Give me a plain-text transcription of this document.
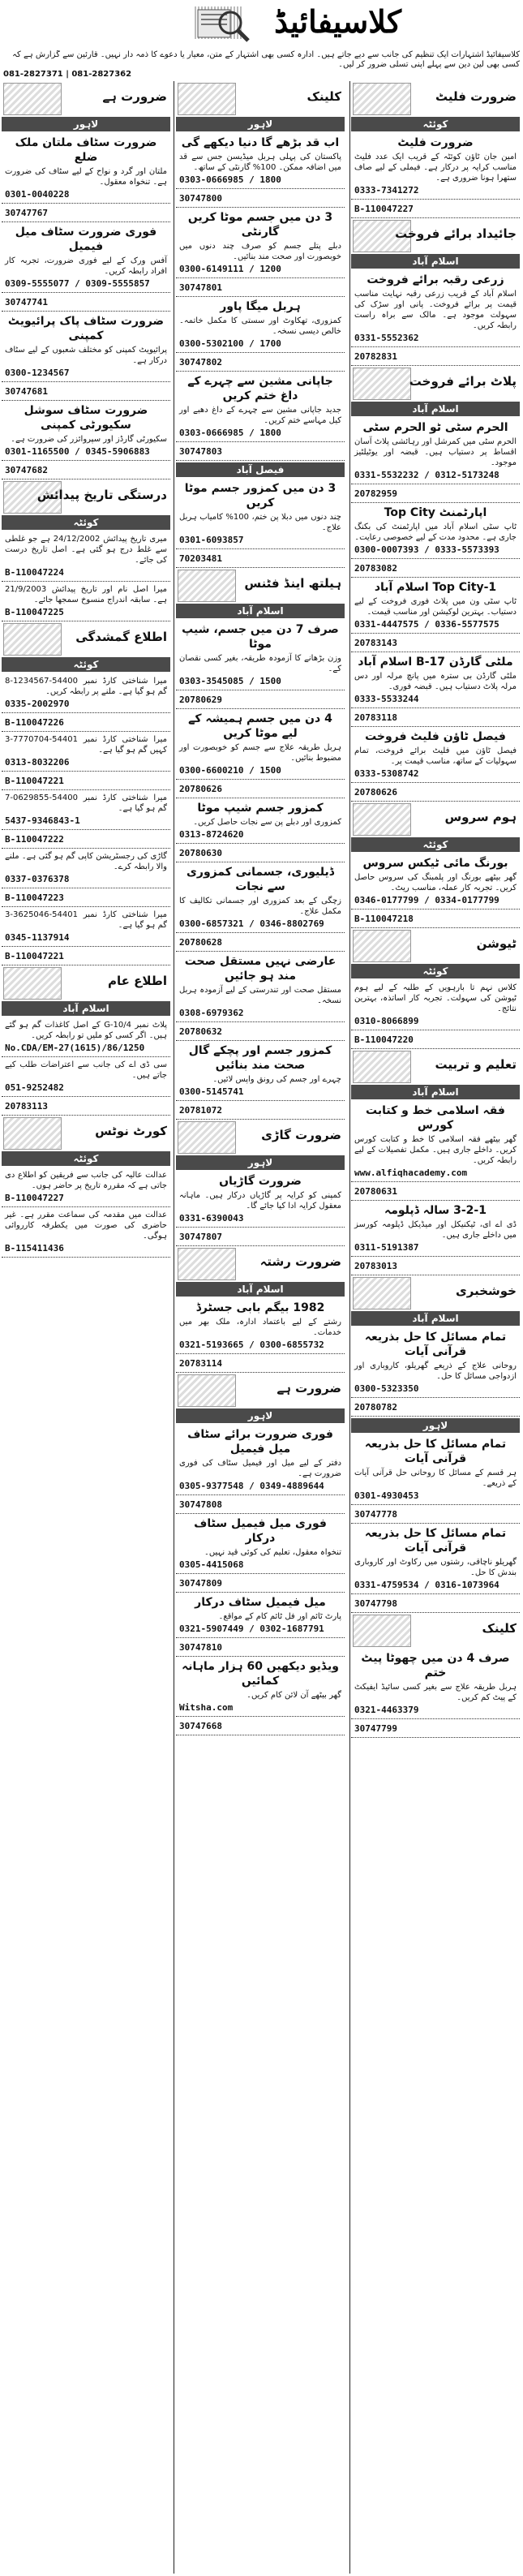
کلاسیفائیڈ
کلاسیفائیڈ اشتہارات ایک تنظیم کی جانب سے دیے جاتے ہیں۔ ادارہ کسی بھی اشتہار کے متن، معیار یا دعوے کا ذمہ دار نہیں۔ قارئین سے گزارش ہے کہ کسی بھی لین دین سے پہلے اپنی تسلی ضرور کر لیں۔
081-2827371 | 081-2827362
ضرورت فلیٹ
کوئٹہ
ضرورت فلیٹ
امین جان ٹاؤن کوئٹہ کے قریب ایک عدد فلیٹ مناسب کرایہ پر درکار ہے۔ فیملی کے لیے صاف ستھرا ہونا ضروری ہے۔
0333-7341272
B-110047227
جائیداد برائے فروخت
اسلام آباد
زرعی رقبہ برائے فروخت
اسلام آباد کے قریب زرعی رقبہ نہایت مناسب قیمت پر برائے فروخت۔ پانی اور سڑک کی سہولت موجود ہے۔ مالک سے براہ راست رابطہ کریں۔
0331-5552362
20782831
پلاٹ برائے فروخت
اسلام آباد
الحرم سٹی ٹو الحرم سٹی
الحرم سٹی میں کمرشل اور رہائشی پلاٹ آسان اقساط پر دستیاب ہیں۔ قبضہ اور یوٹیلٹیز موجود۔
0331-5532232 / 0312-5173248
20782959
اپارٹمنٹ Top City
ٹاپ سٹی اسلام آباد میں اپارٹمنٹ کی بکنگ جاری ہے۔ محدود مدت کے لیے خصوصی رعایت۔
0300-0007393 / 0333-5573393
20783082
Top City-1 اسلام آباد
ٹاپ سٹی ون میں پلاٹ فوری فروخت کے لیے دستیاب۔ بہترین لوکیشن اور مناسب قیمت۔
0331-4447575 / 0336-5577575
20783143
ملٹی گارڈن B-17 اسلام آباد
ملٹی گارڈن بی سترہ میں پانچ مرلہ اور دس مرلہ پلاٹ دستیاب ہیں۔ قبضہ فوری۔
0333-5533244
20783118
فیصل ٹاؤن فلیٹ فروخت
فیصل ٹاؤن میں فلیٹ برائے فروخت، تمام سہولیات کے ساتھ، مناسب قیمت پر۔
0333-5308742
20780626
ہوم سروس
کوئٹہ
بورنگ مائی ٹیکس سروس
گھر بیٹھے بورنگ اور پلمبنگ کی سروس حاصل کریں۔ تجربہ کار عملہ، مناسب ریٹ۔
0346-0177799 / 0334-0177799
B-110047218
ٹیوشن
کوئٹہ
کلاس نہم تا بارہویں کے طلبہ کے لیے ہوم ٹیوشن کی سہولت۔ تجربہ کار اساتذہ، بہترین نتائج۔
0310-8066899
B-110047220
تعلیم و تربیت
اسلام آباد
فقہ اسلامی خط و کتابت کورس
گھر بیٹھے فقہ اسلامی کا خط و کتابت کورس کریں۔ داخلے جاری ہیں۔ مکمل تفصیلات کے لیے رابطہ کریں۔
www.alfiqhacademy.com
20780631
3-2-1 سالہ ڈپلومہ
ڈی اے ای، ٹیکنیکل اور میڈیکل ڈپلومہ کورسز میں داخلے جاری ہیں۔
0311-5191387
20783013
خوشخبری
اسلام آباد
تمام مسائل کا حل بذریعہ قرآنی آیات
روحانی علاج کے ذریعے گھریلو، کاروباری اور ازدواجی مسائل کا حل۔
0300-5323350
20780782
لاہور
تمام مسائل کا حل بذریعہ قرآنی آیات
ہر قسم کے مسائل کا روحانی حل قرآنی آیات کے ذریعے۔
0301-4930453
30747778
تمام مسائل کا حل بذریعہ قرآنی آیات
گھریلو ناچاقی، رشتوں میں رکاوٹ اور کاروباری بندش کا حل۔
0331-4759534 / 0316-1073964
30747798
کلینک
صرف 4 دن میں چھوٹا پیٹ ختم
ہربل طریقہ علاج سے بغیر کسی سائیڈ ایفیکٹ کے پیٹ کم کریں۔
0321-4463379
30747799
کلینک
لاہور
اب قد بڑھے گا دنیا دیکھے گی
پاکستان کی پہلی ہربل میڈیسن جس سے قد میں اضافہ ممکن۔ 100% گارنٹی کے ساتھ۔
0303-0666985 / 1800
30747800
3 دن میں جسم موٹا کریں گارنٹی
دبلے پتلے جسم کو صرف چند دنوں میں خوبصورت اور صحت مند بنائیں۔
0300-6149111 / 1200
30747801
ہربل میگا پاور
کمزوری، تھکاوٹ اور سستی کا مکمل خاتمہ۔ خالص دیسی نسخہ۔
0300-5302100 / 1700
30747802
جاپانی مشین سے چہرے کے داغ ختم کریں
جدید جاپانی مشین سے چہرے کے داغ دھبے اور کیل مہاسے ختم کریں۔
0303-0666985 / 1800
30747803
فیصل آباد
3 دن میں کمزور جسم موٹا کریں
چند دنوں میں دبلا پن ختم، 100% کامیاب ہربل علاج۔
0301-6093857
70203481
ہیلتھ اینڈ فٹنس
اسلام آباد
صرف 7 دن میں جسم، شیپ موٹا
وزن بڑھانے کا آزمودہ طریقہ، بغیر کسی نقصان کے۔
0303-3545085 / 1500
20780629
4 دن میں جسم ہمیشہ کے لیے موٹا کریں
ہربل طریقہ علاج سے جسم کو خوبصورت اور مضبوط بنائیں۔
0300-6600210 / 1500
20780626
کمزور جسم شیپ موٹا
کمزوری اور دبلے پن سے نجات حاصل کریں۔
0313-8724620
20780630
ڈیلیوری، جسمانی کمزوری سے نجات
زچگی کے بعد کمزوری اور جسمانی تکالیف کا مکمل علاج۔
0300-6857321 / 0346-8802769
20780628
عارضی نہیں مستقل صحت مند ہو جائیں
مستقل صحت اور تندرستی کے لیے آزمودہ ہربل نسخہ۔
0308-6979362
20780632
کمزور جسم اور پچکے گال صحت مند بنائیں
چہرے اور جسم کی رونق واپس لائیں۔
0300-5145741
20781072
ضرورت گاڑی
لاہور
ضرورت گاڑیاں
کمپنی کو کرایہ پر گاڑیاں درکار ہیں۔ ماہانہ معقول کرایہ ادا کیا جائے گا۔
0331-6390043
30747807
ضرورت رشتہ
اسلام آباد
1982 بیگم بابی جسٹرڈ
رشتے کے لیے باعتماد ادارہ، ملک بھر میں خدمات۔
0321-5193665 / 0300-6855732
20783114
ضرورت ہے
لاہور
فوری ضرورت برائے سٹاف میل فیمیل
دفتر کے لیے میل اور فیمیل سٹاف کی فوری ضرورت ہے۔
0305-9377548 / 0349-4889644
30747808
فوری میل فیمیل سٹاف درکار
تنخواہ معقول، تعلیم کی کوئی قید نہیں۔
0305-4415068
30747809
میل فیمیل سٹاف درکار
پارٹ ٹائم اور فل ٹائم کام کے مواقع۔
0321-5907449 / 0302-1687791
30747810
ویڈیو دیکھیں 60 ہزار ماہانہ کمائیں
گھر بیٹھے آن لائن کام کریں۔
Witsha.com
30747668
ضرورت ہے
لاہور
ضرورت سٹاف ملتان ملک ضلع
ملتان اور گرد و نواح کے لیے سٹاف کی ضرورت ہے۔ تنخواہ معقول۔
0301-0040228
30747767
فوری ضرورت سٹاف میل فیمیل
آفس ورک کے لیے فوری ضرورت، تجربہ کار افراد رابطہ کریں۔
0309-5555077 / 0309-5555857
30747741
ضرورت سٹاف پاک پرائیویٹ کمپنی
پرائیویٹ کمپنی کو مختلف شعبوں کے لیے سٹاف درکار ہے۔
0300-1234567
30747681
ضرورت سٹاف سوشل سکیورٹی کمپنی
سکیورٹی گارڈز اور سپروائزر کی ضرورت ہے۔
0301-1165500 / 0345-5906883
30747682
درستگی تاریخ پیدائش
کوئٹہ
میری تاریخ پیدائش 24/12/2002 ہے جو غلطی سے غلط درج ہو گئی ہے۔ اصل تاریخ درست کی جائے۔
B-110047224
میرا اصل نام اور تاریخ پیدائش 21/9/2003 ہے۔ سابقہ اندراج منسوخ سمجھا جائے۔
B-110047225
اطلاع گمشدگی
کوئٹہ
میرا شناختی کارڈ نمبر 54400-1234567-8 گم ہو گیا ہے۔ ملنے پر رابطہ کریں۔
0335-2002970
B-110047226
میرا شناختی کارڈ نمبر 54401-7770704-3 کہیں گم ہو گیا ہے۔
0313-8032206
B-110047221
میرا شناختی کارڈ نمبر 54400-0629855-7 گم ہو گیا ہے۔
5437-9346843-1
B-110047222
گاڑی کی رجسٹریشن کاپی گم ہو گئی ہے۔ ملنے والا رابطہ کرے۔
0337-0376378
B-110047223
میرا شناختی کارڈ نمبر 54401-3625046-3 گم ہو گیا ہے۔
0345-1137914
B-110047221
اطلاع عام
اسلام آباد
پلاٹ نمبر G-10/4 کے اصل کاغذات گم ہو گئے ہیں۔ اگر کسی کو ملیں تو رابطہ کریں۔
No.CDA/EM-27(1615)/86/1250
سی ڈی اے کی جانب سے اعتراضات طلب کیے جاتے ہیں۔
051-9252482
20783113
کورٹ نوٹس
کوئٹہ
عدالت عالیہ کی جانب سے فریقین کو اطلاع دی جاتی ہے کہ مقررہ تاریخ پر حاضر ہوں۔
B-110047227
عدالت میں مقدمہ کی سماعت مقرر ہے۔ غیر حاضری کی صورت میں یکطرفہ کارروائی ہوگی۔
B-115411436
